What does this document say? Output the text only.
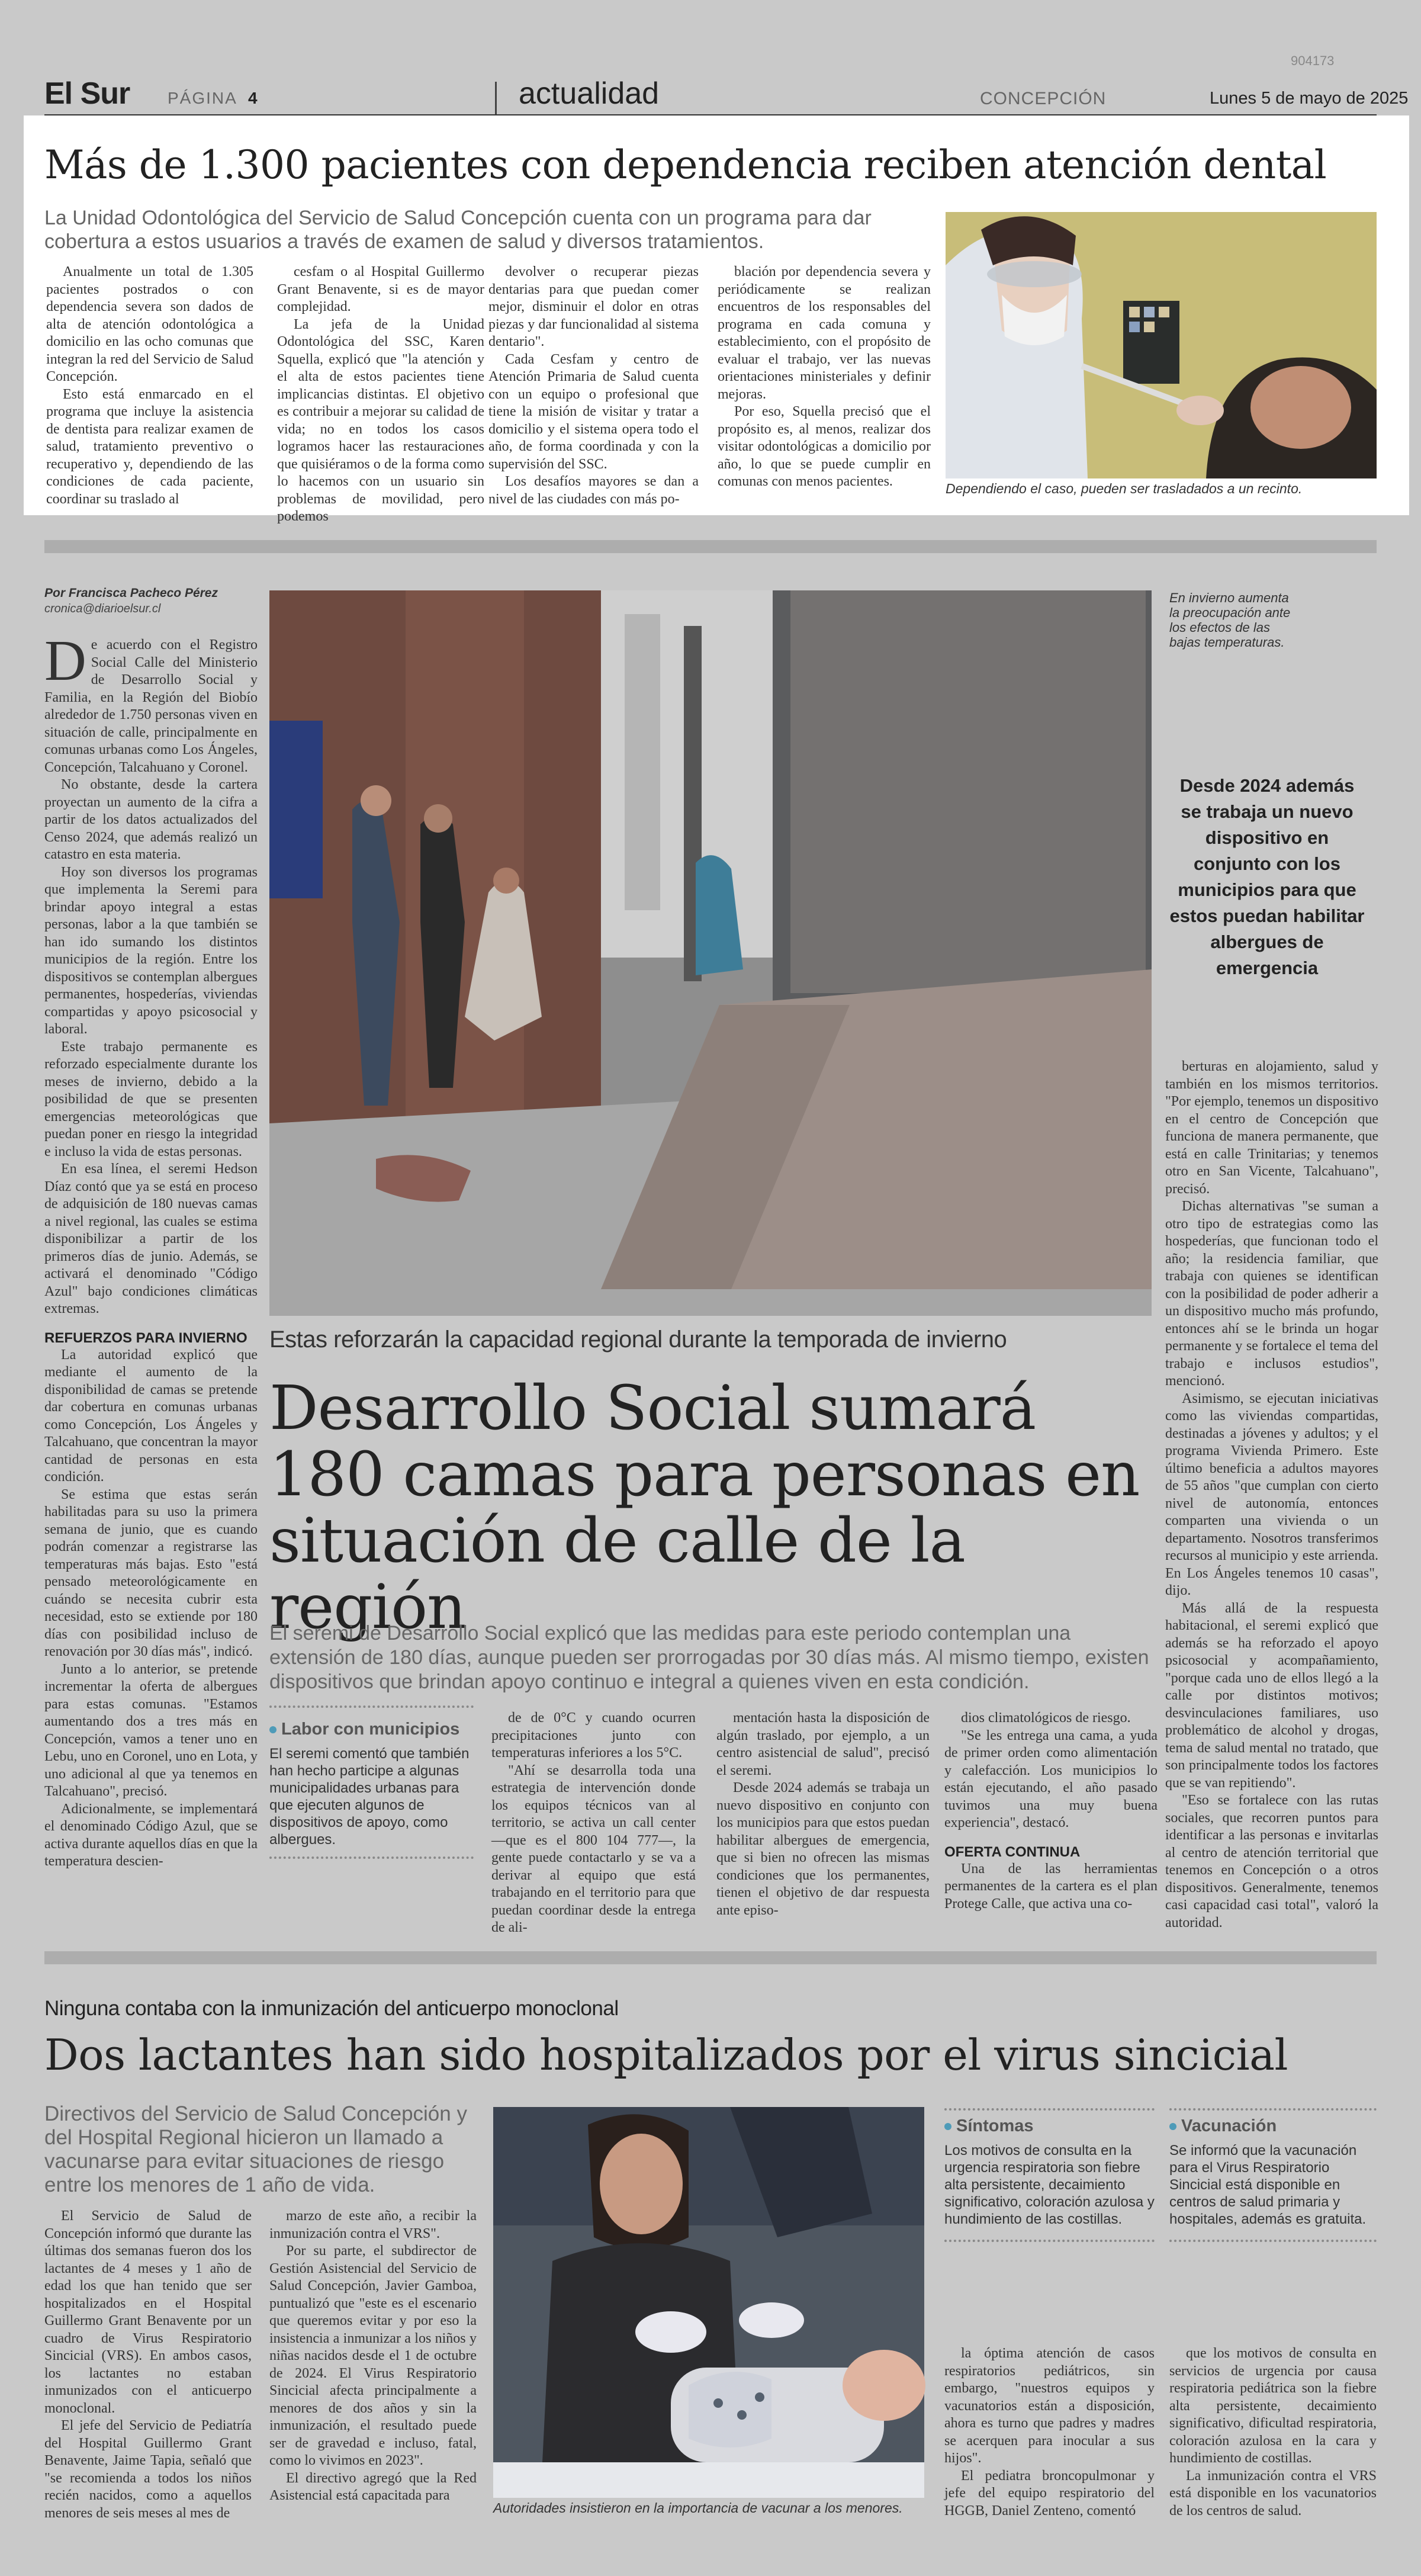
904173
El Sur PÁGINA 4	actualidad	CONCEPCIÓN	Lunes 5 de mayo de 2025
Más de 1.300 pacientes con dependencia reciben atención dental
La Unidad Odontológica del Servicio de Salud Concepción cuenta con un programa para dar cobertura a estos usuarios a través de examen de salud y diversos tratamientos.

Anualmente un total de 1.305 pacientes postrados o con dependencia severa son dados de alta de atención odontológica a domicilio en las ocho comunas que integran la red del Servicio de Salud Concepción.

Esto está enmarcado en el programa que incluye la asistencia de dentista para realizar examen de salud, tratamiento preventivo o recuperativo y, dependiendo de las condiciones de cada paciente, coordinar su traslado al

cesfam o al Hospital Guillermo Grant Benavente, si es de mayor complejidad.

La jefa de la Unidad Odontológica del SSC, Karen Squella, explicó que "la atención y el alta de estos pacientes tiene implicancias distintas. El objetivo es contribuir a mejorar su calidad de vida; no en todos los casos logramos hacer las restauraciones que quisiéramos o de la forma como lo hacemos con un usuario sin problemas de movilidad, pero podemos

devolver o recuperar piezas dentarias para que puedan comer mejor, disminuir el dolor en otras piezas y dar funcionalidad al sistema dentario".

Cada Cesfam y centro de Atención Primaria de Salud cuenta con un equipo o profesional que tiene la misión de visitar y tratar a domicilio y el sistema opera todo el año, de forma coordinada y con la supervisión del SSC.

Los desafíos mayores se dan a nivel de las ciudades con más po-

blación por dependencia severa y periódicamente se realizan encuentros de los responsables del programa en cada comuna y establecimiento, con el propósito de evaluar el trabajo, ver las nuevas orientaciones ministeriales y definir mejoras.

Por eso, Squella precisó que el propósito es, al menos, realizar dos visitar odontológicas a domicilio por año, lo que se puede cumplir en comunas con menos pacientes.	Dependiendo el caso, pueden ser trasladados a un recinto.
Por Francisca Pacheco Pérez
cronica@diarioelsur.cl
De acuerdo con el Registro Social Calle del Ministerio de Desarrollo Social y Familia, en la Región del Biobío alrededor de 1.750 personas viven en situación de calle, principalmente en comunas urbanas como Los Ángeles, Concepción, Talcahuano y Coronel.

No obstante, desde la cartera proyectan un aumento de la cifra a partir de los datos actualizados del Censo 2024, que además realizó un catastro en esta materia.

Hoy son diversos los programas que implementa la Seremi para brindar apoyo integral a estas personas, labor a la que también se han ido sumando los distintos municipios de la región. Entre los dispositivos se contemplan albergues permanentes, hospederías, viviendas compartidas y apoyo psicosocial y laboral.

Este trabajo permanente es reforzado especialmente durante los meses de invierno, debido a la posibilidad de que se presenten emergencias meteorológicas que puedan poner en riesgo la integridad e incluso la vida de estas personas.

En esa línea, el seremi Hedson Díaz contó que ya se está en proceso de adquisición de 180 nuevas camas a nivel regional, las cuales se estima disponibilizar a partir de los primeros días de junio. Además, se activará el denominado "Código Azul" bajo condiciones climáticas extremas.

REFUERZOS PARA INVIERNO

La autoridad explicó que mediante el aumento de la disponibilidad de camas se pretende dar cobertura en comunas urbanas como Concepción, Los Ángeles y Talcahuano, que concentran la mayor cantidad de personas en esta condición.

Se estima que estas serán habilitadas para su uso la primera semana de junio, que es cuando podrán comenzar a registrarse las temperaturas más bajas. Esto "está pensado meteorológicamente en cuándo se necesita cubrir esta necesidad, esto se extiende por 180 días con posibilidad incluso de renovación por 30 días más", indicó.

Junto a lo anterior, se pretende incrementar la oferta de albergues para estas comunas. "Estamos aumentando dos a tres más en Concepción, vamos a tener uno en Lebu, uno en Coronel, uno en Lota, y uno adicional al que ya tenemos en Talcahuano", precisó.

Adicionalmente, se implementará el denominado Código Azul, que se activa durante aquellos días en que la temperatura descien-

En invierno aumenta la preocupación ante los efectos de las bajas temperaturas.
Desde 2024 además se trabaja un nuevo dispositivo en conjunto con los municipios para que estos puedan habilitar albergues de emergencia

berturas en alojamiento, salud y también en los mismos territorios. "Por ejemplo, tenemos un dispositivo en el centro de Concepción que funciona de manera permanente, que está en calle Trinitarias; y tenemos otro en San Vicente, Talcahuano", precisó.

Dichas alternativas "se suman a otro tipo de estrategias como las hospederías, que funcionan todo el año; la residencia familiar, que trabaja con quienes se identifican con la posibilidad de poder adherir a un dispositivo mucho más profundo, entonces ahí se le brinda un hogar permanente y se fortalece el tema del trabajo e inclusos estudios", mencionó.

Asimismo, se ejecutan iniciativas como las viviendas compartidas, destinadas a jóvenes y adultos; y el programa Vivienda Primero. Este último beneficia a adultos mayores de 55 años "que cumplan con cierto nivel de autonomía, entonces comparten una vivienda o un departamento. Nosotros transferimos recursos al municipio y este arrienda. En Los Ángeles tenemos 10 casas", dijo.

Más allá de la respuesta habitacional, el seremi explicó que además se ha reforzado el apoyo psicosocial y acompañamiento, "porque cada uno de ellos llegó a la calle por distintos motivos; desvinculaciones familiares, uso problemático de alcohol y drogas, tema de salud mental no tratado, que son principalmente todos los factores que se van repitiendo".

"Eso se fortalece con las rutas sociales, que recorren puntos para identificar a las personas e invitarlas al centro de atención territorial que tenemos en Concepción o a otros dispositivos. Generalmente, tenemos casi capacidad casi total", valoró la autoridad.

Estas reforzarán la capacidad regional durante la temporada de invierno
Desarrollo Social sumará 180 camas para personas en situación de calle de la región
El seremi de Desarrollo Social explicó que las medidas para este periodo contemplan una extensión de 180 días, aunque pueden ser prorrogadas por 30 días más. Al mismo tiempo, existen dispositivos que brindan apoyo continuo e integral a quienes viven en esta condición.
Labor con municipios
El seremi comentó que también han hecho participe a algunas municipalidades urbanas para que ejecuten algunos de dispositivos de apoyo, como albergues.

de de 0°C y cuando ocurren precipitaciones junto con temperaturas inferiores a los 5°C.

"Ahí se desarrolla toda una estrategia de intervención donde los equipos técnicos van al territorio, se activa un call center —que es el 800 104 777—, la gente puede contactarlo y se va a derivar al equipo que está trabajando en el territorio para que puedan coordinar desde la entrega de ali-

mentación hasta la disposición de algún traslado, por ejemplo, a un centro asistencial de salud", precisó el seremi.

Desde 2024 además se trabaja un nuevo dispositivo en conjunto con los municipios para que estos puedan habilitar albergues de emergencia, que si bien no ofrecen las mismas condiciones que los permanentes, tienen el objetivo de dar respuesta ante episo-

dios climatológicos de riesgo.

"Se les entrega una cama, a yuda de primer orden como alimentación y calefacción. Los municipios lo están ejecutando, el año pasado tuvimos una muy buena experiencia", destacó.

OFERTA CONTINUA

Una de las herramientas permanentes de la cartera es el plan Protege Calle, que activa una co-

Ninguna contaba con la inmunización del anticuerpo monoclonal
Dos lactantes han sido hospitalizados por el virus sincicial
Directivos del Servicio de Salud Concepción y del Hospital Regional hicieron un llamado a vacunarse para evitar situaciones de riesgo entre los menores de 1 año de vida.

El Servicio de Salud de Concepción informó que durante las últimas dos semanas fueron dos los lactantes de 4 meses y 1 año de edad los que han tenido que ser hospitalizados en el Hospital Guillermo Grant Benavente por un cuadro de Virus Respiratorio Sincicial (VRS). En ambos casos, los lactantes no estaban inmunizados con el anticuerpo monoclonal.

El jefe del Servicio de Pediatría del Hospital Guillermo Grant Benavente, Jaime Tapia, señaló que "se recomienda a todos los niños recién nacidos, como a aquellos menores de seis meses al mes de

marzo de este año, a recibir la inmunización contra el VRS".

Por su parte, el subdirector de Gestión Asistencial del Servicio de Salud Concepción, Javier Gamboa, puntualizó que "este es el escenario que queremos evitar y por eso la insistencia a inmunizar a los niños y niñas nacidos desde el 1 de octubre de 2024. El Virus Respiratorio Sincicial afecta principalmente a menores de dos años y sin la inmunización, el resultado puede ser de gravedad e incluso, fatal, como lo vivimos en 2023".

El directivo agregó que la Red Asistencial está capacitada para

Autoridades insistieron en la importancia de vacunar a los menores.
Síntomas
Los motivos de consulta en la urgencia respiratoria son fiebre alta persistente, decaimiento significativo, coloración azulosa y hundimiento de las costillas.
Vacunación
Se informó que la vacunación para el Virus Respiratorio Sincicial está disponible en centros de salud primaria y hospitales, además es gratuita.

la óptima atención de casos respiratorios pediátricos, sin embargo, "nuestros equipos y vacunatorios están a disposición, ahora es turno que padres y madres se acerquen para inocular a sus hijos".

El pediatra broncopulmonar y jefe del equipo respiratorio del HGGB, Daniel Zenteno, comentó

que los motivos de consulta en servicios de urgencia por causa respiratoria pediátrica son la fiebre alta persistente, decaimiento significativo, dificultad respiratoria, coloración azulosa en la cara y hundimiento de costillas.

La inmunización contra el VRS está disponible en los vacunatorios de los centros de salud.
